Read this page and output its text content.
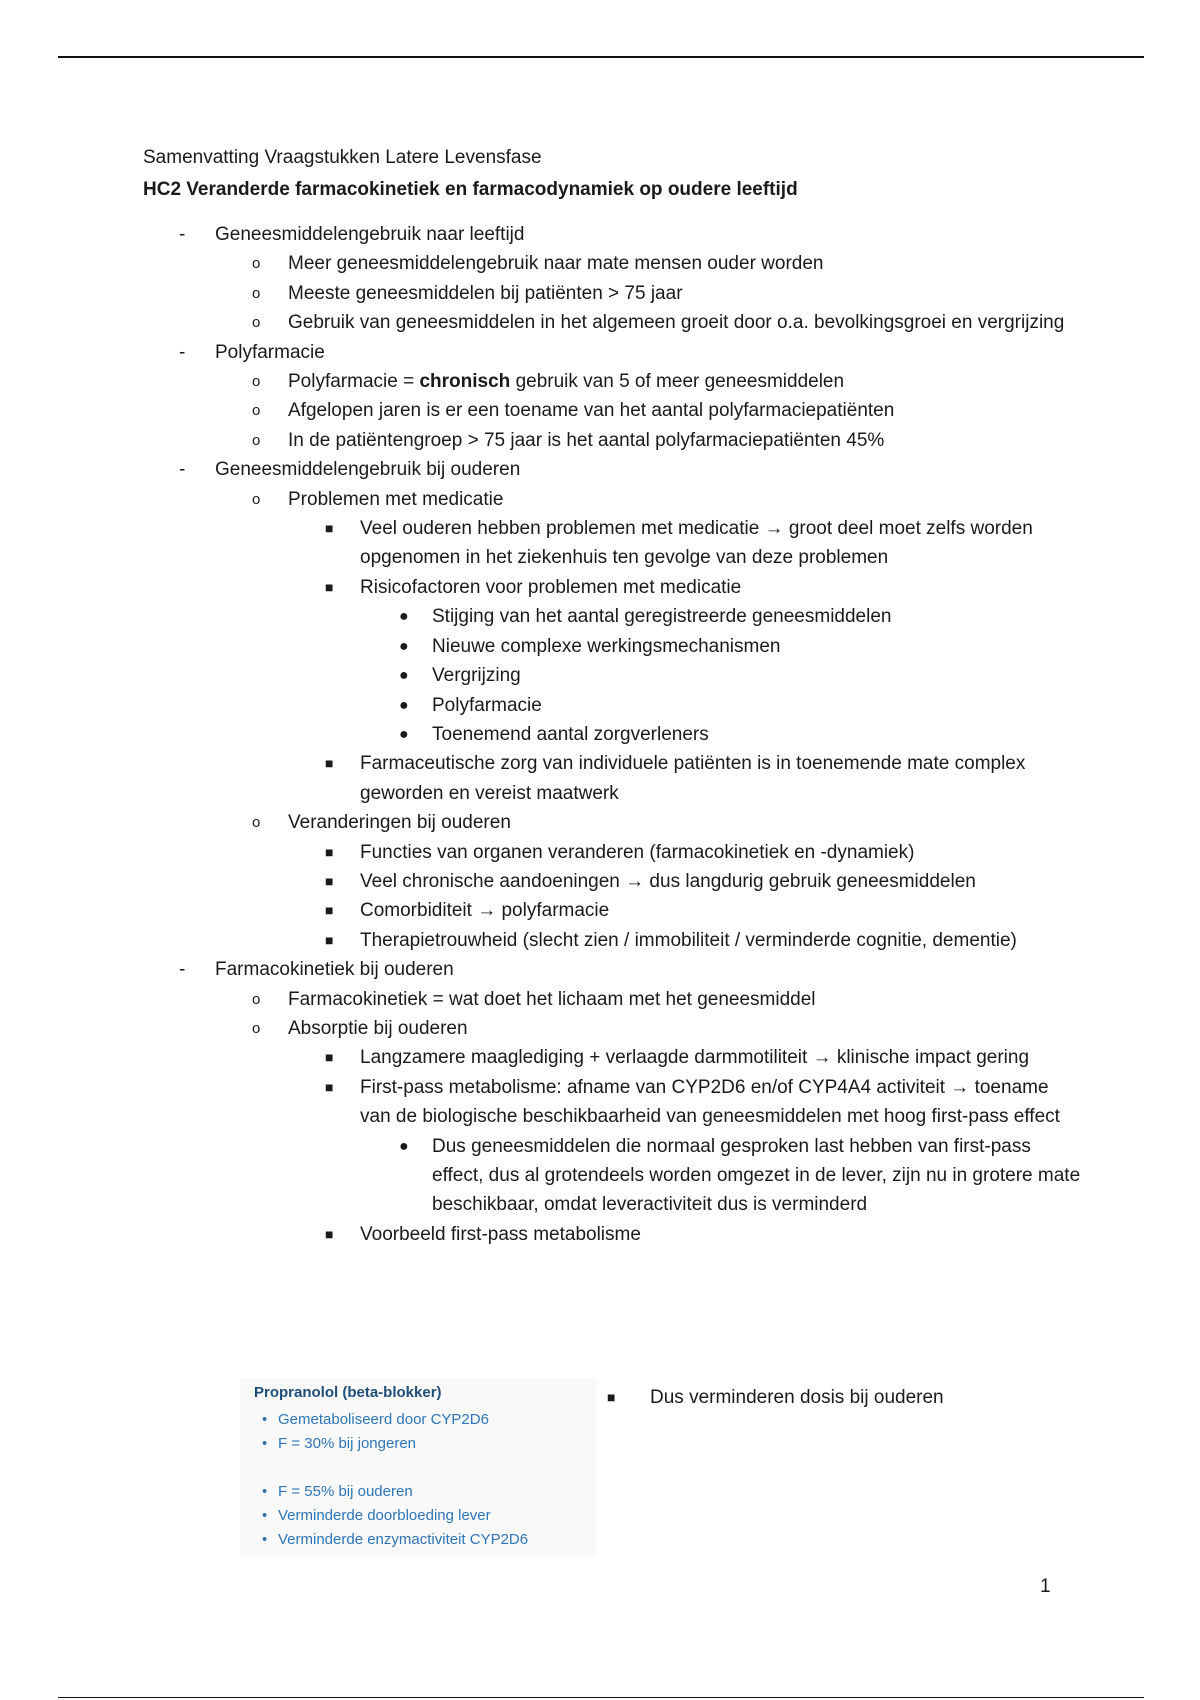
Samenvatting Vraagstukken Latere Levensfase
HC2 Veranderde farmacokinetiek en farmacodynamiek op oudere leeftijd
- Geneesmiddelengebruik naar leeftijd
o Meer geneesmiddelengebruik naar mate mensen ouder worden
o Meeste geneesmiddelen bij patiënten > 75 jaar
o Gebruik van geneesmiddelen in het algemeen groeit door o.a. bevolkingsgroei en vergrijzing
- Polyfarmacie
o Polyfarmacie = chronisch gebruik van 5 of meer geneesmiddelen
o Afgelopen jaren is er een toename van het aantal polyfarmaciepatiënten
o In de patiëntengroep > 75 jaar is het aantal polyfarmaciepatiënten 45%
- Geneesmiddelengebruik bij ouderen
o Problemen met medicatie
■ Veel ouderen hebben problemen met medicatie → groot deel moet zelfs worden opgenomen in het ziekenhuis ten gevolge van deze problemen
■ Risicofactoren voor problemen met medicatie
● Stijging van het aantal geregistreerde geneesmiddelen
● Nieuwe complexe werkingsmechanismen
● Vergrijzing
● Polyfarmacie
● Toenemend aantal zorgverleners
■ Farmaceutische zorg van individuele patiënten is in toenemende mate complex geworden en vereist maatwerk
o Veranderingen bij ouderen
■ Functies van organen veranderen (farmacokinetiek en -dynamiek)
■ Veel chronische aandoeningen → dus langdurig gebruik geneesmiddelen
■ Comorbiditeit → polyfarmacie
■ Therapietrouwheid (slecht zien / immobiliteit / verminderde cognitie, dementie)
- Farmacokinetiek bij ouderen
o Farmacokinetiek = wat doet het lichaam met het geneesmiddel
o Absorptie bij ouderen
■ Langzamere maaglediging + verlaagde darmmotiliteit → klinische impact gering
■ First-pass metabolisme: afname van CYP2D6 en/of CYP4A4 activiteit → toename van de biologische beschikbaarheid van geneesmiddelen met hoog first-pass effect
● Dus geneesmiddelen die normaal gesproken last hebben van first-pass effect, dus al grotendeels worden omgezet in de lever, zijn nu in grotere mate beschikbaar, omdat leveractiviteit dus is verminderd
■ Voorbeeld first-pass metabolisme
Propranolol (beta-blokker)
• Gemetaboliseerd door CYP2D6
• F = 30% bij jongeren
• F = 55% bij ouderen
• Verminderde doorbloeding lever
• Verminderde enzymactiviteit CYP2D6
■ Dus verminderen dosis bij ouderen
1
